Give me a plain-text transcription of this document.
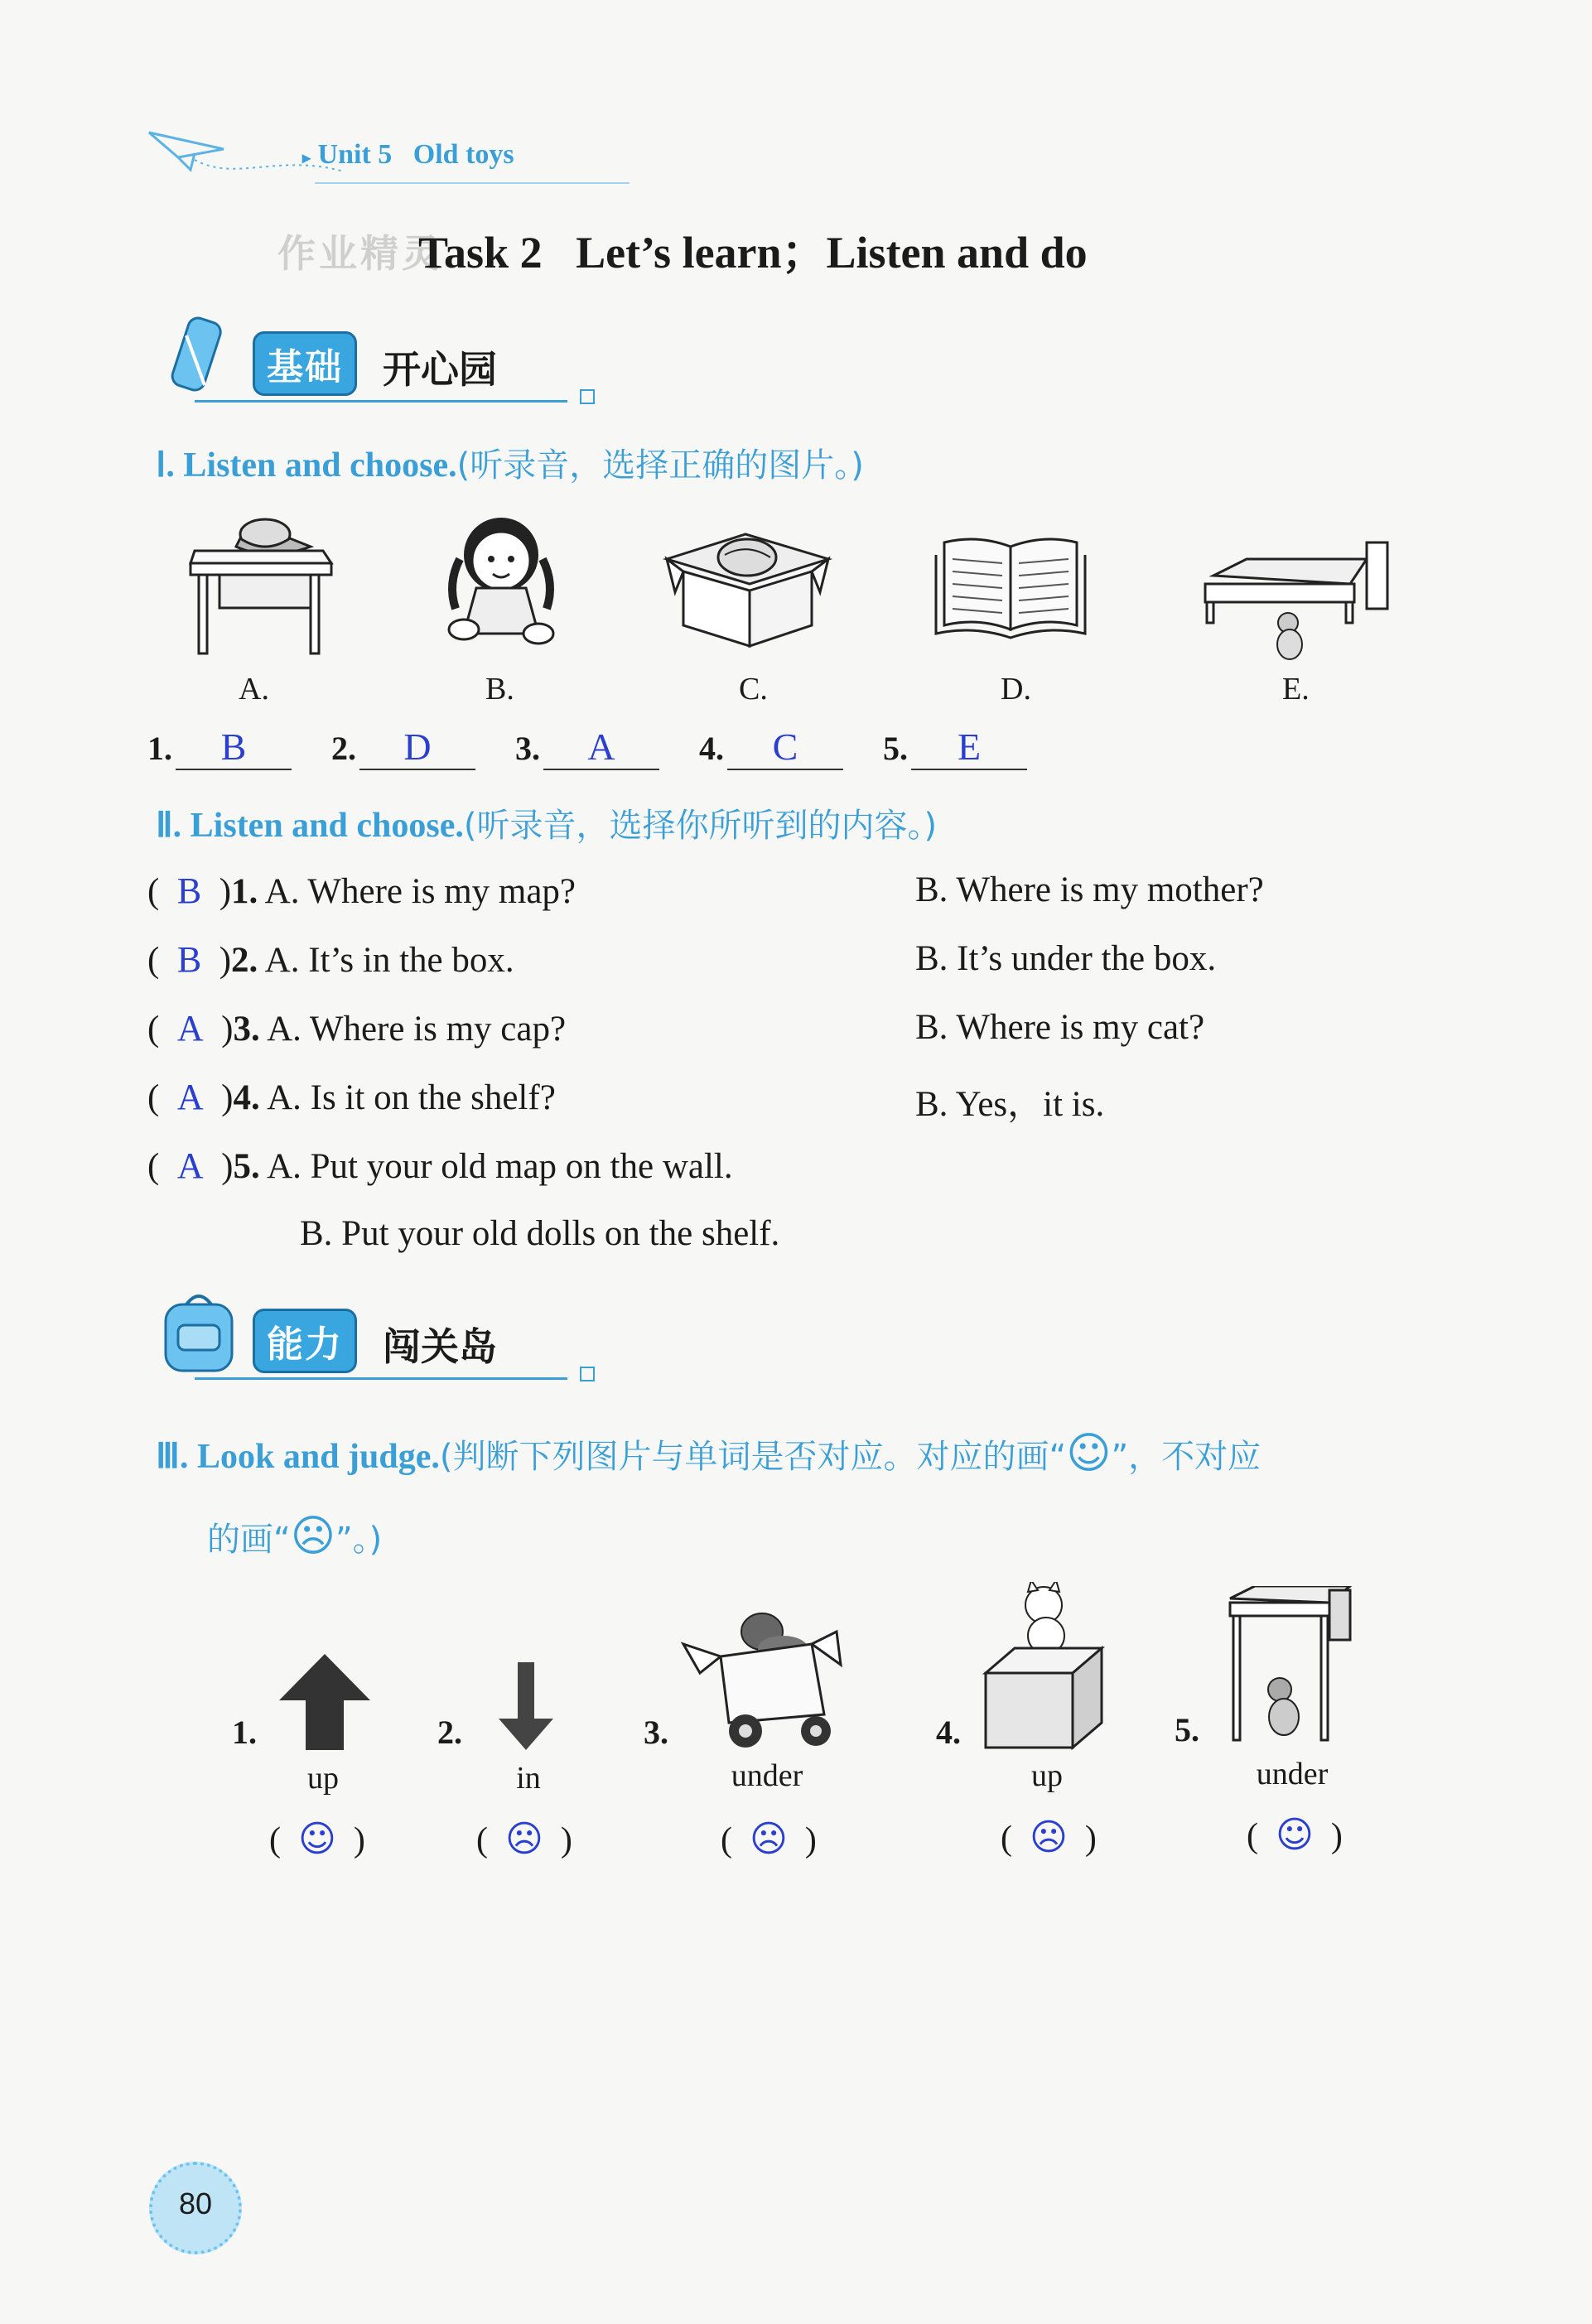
▸ Unit 5 Old toys
作业精灵
Task 2   Let’s learn；Listen and do
基础	开心园
Ⅰ. Listen and choose.(听录音，选择正确的图片。)
A.	B.	C.	D.	E.
1. B	2. D	3. A	4. C	5. E
Ⅱ. Listen and choose.(听录音，选择你所听到的内容。)
(  B  )1. A. Where is my map?	B. Where is my mother?
(  B  )2. A. It’s in the box.	B. It’s under the box.
(  A  )3. A. Where is my cap?	B. Where is my cat?
(  A  )4. A. Is it on the shelf?	B. Yes，it is.
(  A  )5. A. Put your old map on the wall.
B. Put your old dolls on the shelf.
能力	闯关岛
Ⅲ. Look and judge.(判断下列图片与单词是否对应。对应的画“☺”，不对应
的画“☹”。)
1.	2.	3.	4.	5.
up	in	under	up	under
(  ☺  )	(  ☹  )	(  ☹  )	(  ☹  )	(  ☺  )
80
